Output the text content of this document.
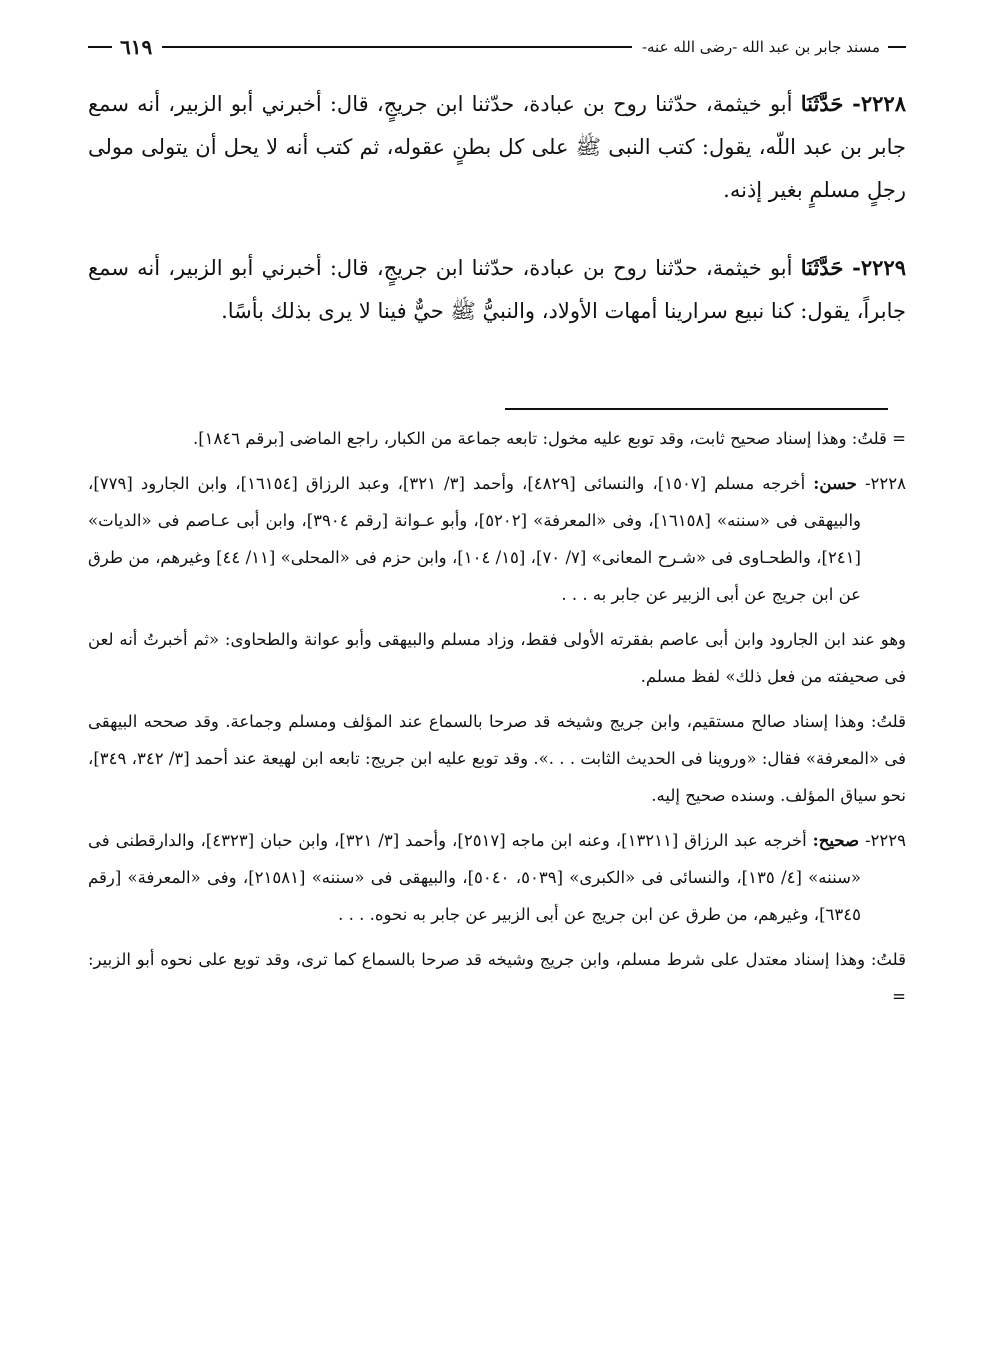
مسند جابر بن عبد الله -رضى الله عنه-
٦١٩
٢٢٢٨- حَدَّثَنَا أبو خيثمة، حدّثنا روح بن عبادة، حدّثنا ابن جريجٍ، قال: أخبرني أبو الزبير، أنه سمع جابر بن عبد اللّه، يقول: كتب النبى ﷺ على كل بطنٍ عقوله، ثم كتب أنه لا يحل أن يتولى مولى رجلٍ مسلمٍ بغير إذنه.
٢٢٢٩- حَدَّثَنَا أبو خيثمة، حدّثنا روح بن عبادة، حدّثنا ابن جريجٍ، قال: أخبرني أبو الزبير، أنه سمع جابراً، يقول: كنا نبيع سرارينا أمهات الأولاد، والنبيُّ ﷺ حيٌّ فينا لا يرى بذلك بأسًا.

= قلتُ: وهذا إسناد صحيح ثابت، وقد توبع عليه مخول: تابعه جماعة من الكبار، راجع الماضى [برقم ١٨٤٦].

٢٢٢٨- حسن: أخرجه مسلم [١٥٠٧]، والنسائى [٤٨٢٩]، وأحمد [٣/ ٣٢١]، وعبد الرزاق [١٦١٥٤]، وابن الجارود [٧٧٩]، والبيهقى فى «سننه» [١٦١٥٨]، وفى «المعرفة» [٥٢٠٢]، وأبو عـوانة [رقم ٣٩٠٤]، وابن أبى عـاصم فى «الديات» [٢٤١]، والطحـاوى فى «شـرح المعانى» [٧/ ٧٠]، [١٥/ ١٠٤]، وابن حزم فى «المحلى» [١١/ ٤٤] وغيرهم، من طرق عن ابن جريج عن أبى الزبير عن جابر به . . .

وهو عند ابن الجارود وابن أبى عاصم بفقرته الأولى فقط، وزاد مسلم والبيهقى وأبو عوانة والطحاوى: «ثم أخبرتُ أنه لعن فى صحيفته من فعل ذلك» لفظ مسلم.

قلتُ: وهذا إسناد صالح مستقيم، وابن جريج وشيخه قد صرحا بالسماع عند المؤلف ومسلم وجماعة. وقد صححه البيهقى فى «المعرفة» فقال: «وروينا فى الحديث الثابت . . .». وقد توبع عليه ابن جريج: تابعه ابن لهيعة عند أحمد [٣/ ٣٤٢، ٣٤٩]، نحو سياق المؤلف. وسنده صحيح إليه.

٢٢٢٩- صحيح: أخرجه عبد الرزاق [١٣٢١١]، وعنه ابن ماجه [٢٥١٧]، وأحمد [٣/ ٣٢١]، وابن حبان [٤٣٢٣]، والدارقطنى فى «سننه» [٤/ ١٣٥]، والنسائى فى «الكبرى» [٥٠٣٩، ٥٠٤٠]، والبيهقى فى «سننه» [٢١٥٨١]، وفى «المعرفة» [رقم ٦٣٤٥]، وغيرهم، من طرق عن ابن جريج عن أبى الزبير عن جابر به نحوه. . . .

قلتُ: وهذا إسناد معتدل على شرط مسلم، وابن جريج وشيخه قد صرحا بالسماع كما ترى، وقد توبع على نحوه أبو الزبير: =
